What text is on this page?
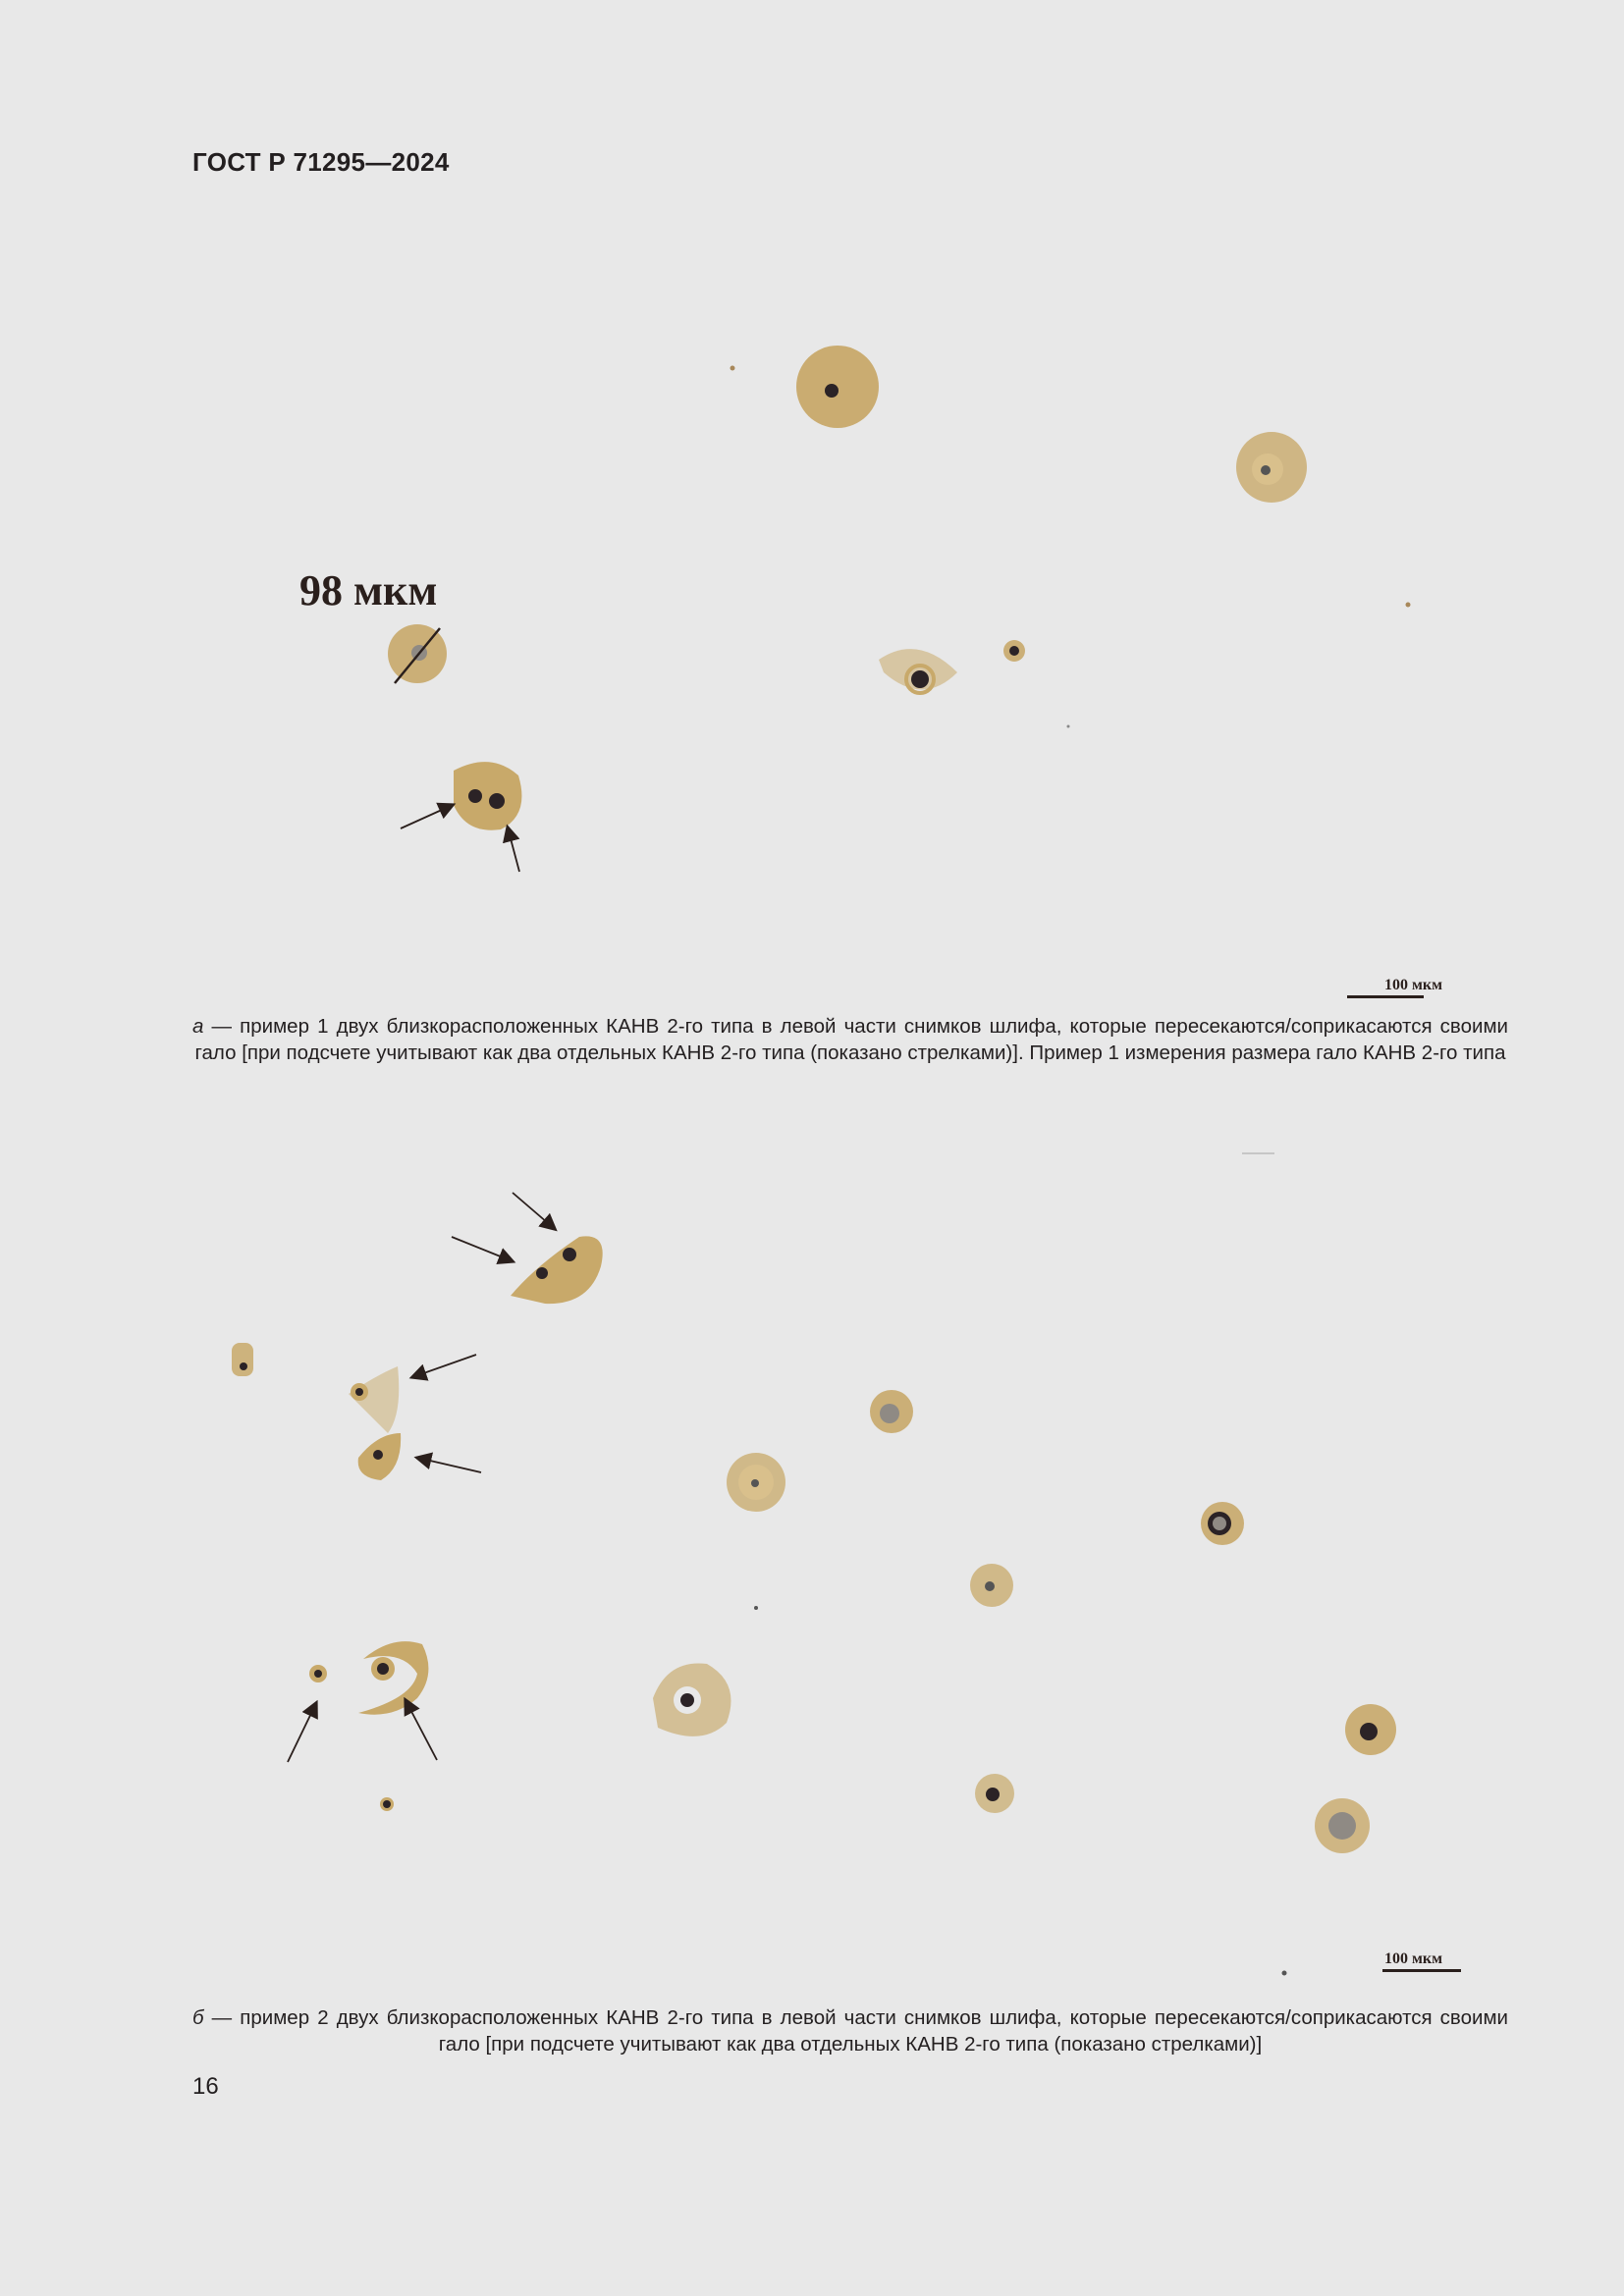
ГОСТ Р 71295—2024
98 мкм
100 мкм
а — пример 1 двух близкорасположенных КАНВ 2-го типа в левой части снимков шлифа, которые пересекаются/соприкасаются своими гало [при подсчете учитывают как два отдельных КАНВ 2-го типа (показано стрелками)]. Пример 1 измерения размера гало КАНВ 2-го типа
100 мкм
б — пример 2 двух близкорасположенных КАНВ 2-го типа в левой части снимков шлифа, которые пересекаются/соприкасаются своими гало [при подсчете учитывают как два отдельных КАНВ 2-го типа (показано стрелками)]
16
